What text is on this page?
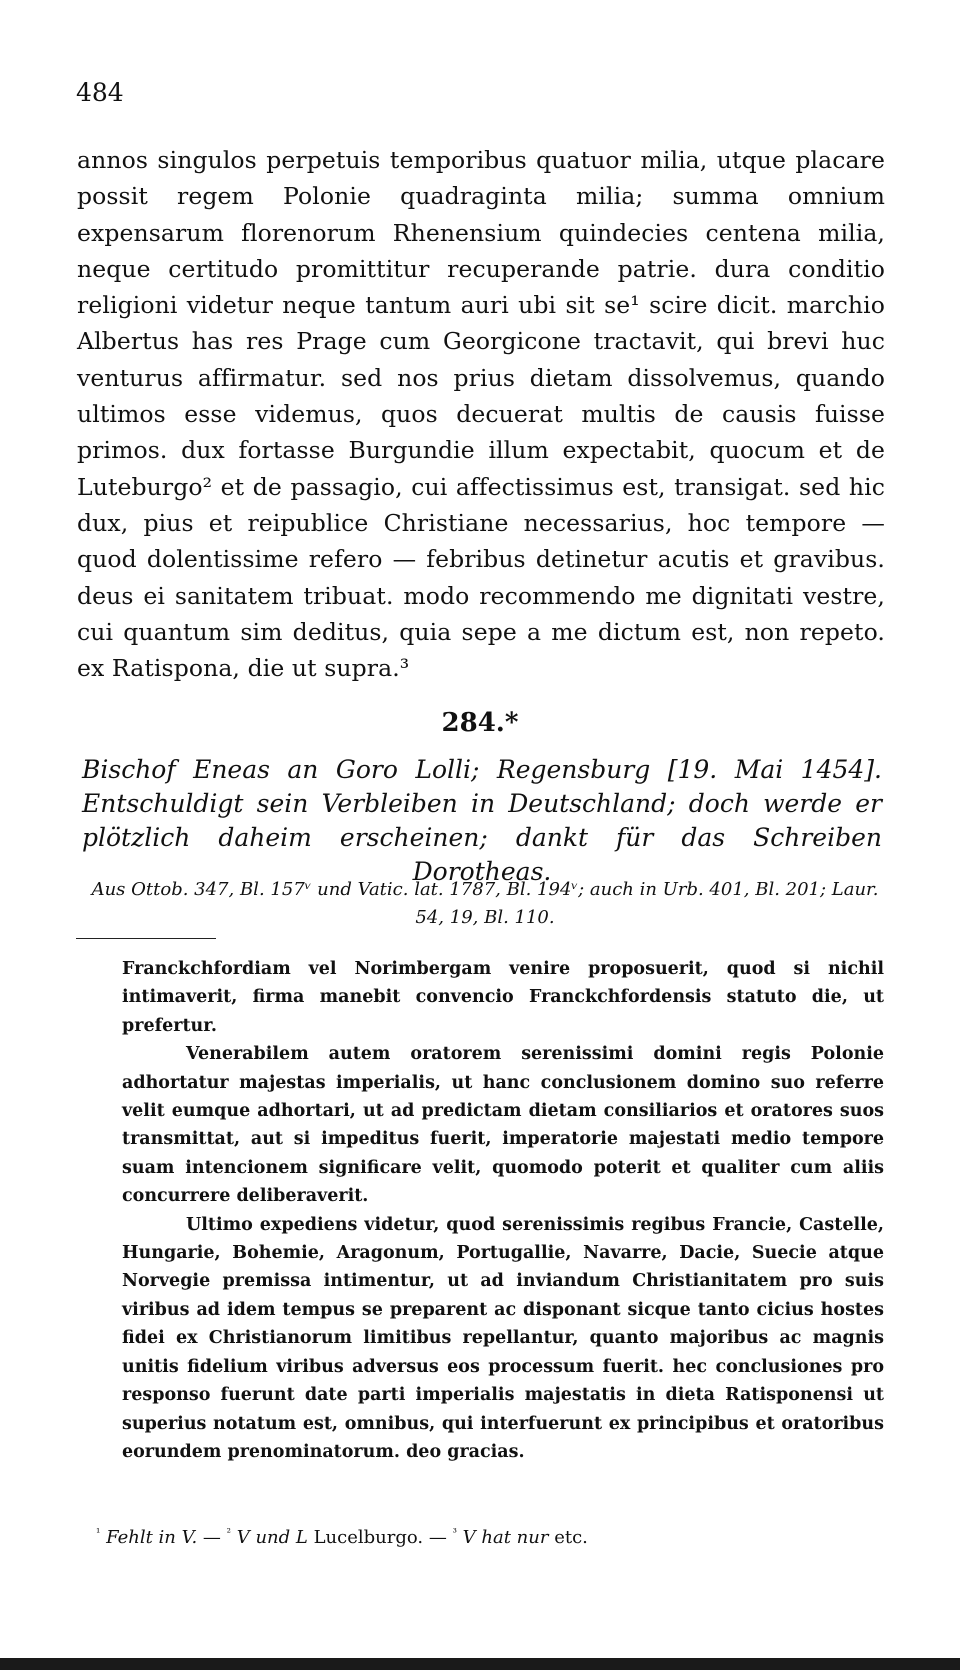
484
annos singulos perpetuis temporibus quatuor milia, utque placare possit regem Polonie quadraginta milia; summa omnium expensarum florenorum Rhenensium quindecies centena milia, neque certitudo promittitur recuperande patrie. dura conditio religioni videtur neque tantum auri ubi sit se¹ scire dicit. marchio Albertus has res Prage cum Georgicone tractavit, qui brevi huc venturus affirmatur. sed nos prius dietam dissolvemus, quando ultimos esse videmus, quos decuerat multis de causis fuisse primos. dux fortasse Burgundie illum expectabit, quocum et de Luteburgo² et de passagio, cui affectissimus est, transigat. sed hic dux, pius et reipublice Christiane necessarius, hoc tempore — quod dolentissime refero — febribus detinetur acutis et gravibus. deus ei sanitatem tribuat. modo recommendo me dignitati vestre, cui quantum sim deditus, quia sepe a me dictum est, non repeto. ex Ratispona, die ut supra.³
284.*
Bischof Eneas an Goro Lolli; Regensburg [19. Mai 1454]. Entschuldigt sein Verbleiben in Deutschland; doch werde er plötzlich daheim erscheinen; dankt für das Schreiben Dorotheas.
Aus Ottob. 347, Bl. 157ᵛ und Vatic. lat. 1787, Bl. 194ᵛ; auch in Urb. 401, Bl. 201; Laur. 54, 19, Bl. 110.

Franckchfordiam vel Norimbergam venire proposuerit, quod si nichil intimaverit, firma manebit convencio Franckchfordensis statuto die, ut prefertur.

Venerabilem autem oratorem serenissimi domini regis Polonie adhortatur majestas imperialis, ut hanc conclusionem domino suo referre velit eumque adhortari, ut ad predictam dietam consiliarios et oratores suos transmittat, aut si impeditus fuerit, imperatorie majestati medio tempore suam intencionem significare velit, quomodo poterit et qualiter cum aliis concurrere deliberaverit.

Ultimo expediens videtur, quod serenissimis regibus Francie, Castelle, Hungarie, Bohemie, Aragonum, Portugallie, Navarre, Dacie, Suecie atque Norvegie premissa intimentur, ut ad inviandum Christianitatem pro suis viribus ad idem tempus se preparent ac disponant sicque tanto cicius hostes fidei ex Christianorum limitibus repellantur, quanto majoribus ac magnis unitis fidelium viribus adversus eos processum fuerit. hec conclusiones pro responso fuerunt date parti imperialis majestatis in dieta Ratisponensi ut superius notatum est, omnibus, qui interfuerunt ex principibus et oratoribus eorundem prenominatorum. deo gracias.

$^{^1}$ Fehlt in V. — $^{^2}$ V und L Lucelburgo. — $^{^3}$ V hat nur etc.
